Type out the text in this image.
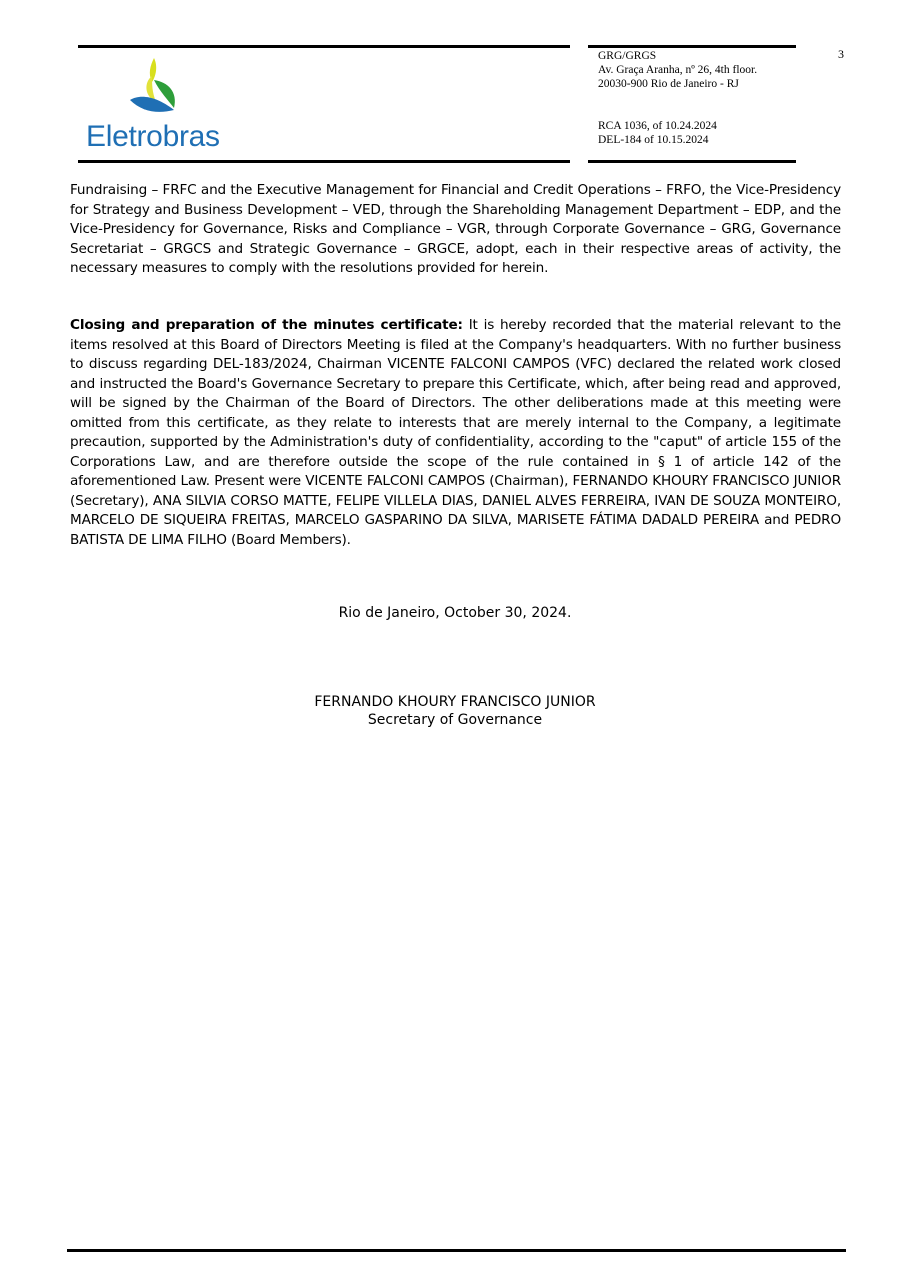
Eletrobras
GRG/GRGS
Av. Graça Aranha, nº 26, 4th floor.
20030-900 Rio de Janeiro - RJ
RCA 1036, of 10.24.2024
DEL-184 of 10.15.2024
3
Fundraising – FRFC and the Executive Management for Financial and Credit Operations – FRFO, the Vice-Presidency for Strategy and Business Development – VED, through the Shareholding Management Department – EDP, and the Vice-Presidency for Governance, Risks and Compliance – VGR, through Corporate Governance – GRG, Governance Secretariat – GRGCS and Strategic Governance – GRGCE, adopt, each in their respective areas of activity, the necessary measures to comply with the resolutions provided for herein.
Closing and preparation of the minutes certificate: It is hereby recorded that the material relevant to the items resolved at this Board of Directors Meeting is filed at the Company's headquarters. With no further business to discuss regarding DEL-183/2024, Chairman VICENTE FALCONI CAMPOS (VFC) declared the related work closed and instructed the Board's Governance Secretary to prepare this Certificate, which, after being read and approved, will be signed by the Chairman of the Board of Directors. The other deliberations made at this meeting were omitted from this certificate, as they relate to interests that are merely internal to the Company, a legitimate precaution, supported by the Administration's duty of confidentiality, according to the "caput" of article 155 of the Corporations Law, and are therefore outside the scope of the rule contained in § 1 of article 142 of the aforementioned Law. Present were VICENTE FALCONI CAMPOS (Chairman), FERNANDO KHOURY FRANCISCO JUNIOR (Secretary), ANA SILVIA CORSO MATTE, FELIPE VILLELA DIAS, DANIEL ALVES FERREIRA, IVAN DE SOUZA MONTEIRO, MARCELO DE SIQUEIRA FREITAS, MARCELO GASPARINO DA SILVA, MARISETE FÁTIMA DADALD PEREIRA and PEDRO BATISTA DE LIMA FILHO (Board Members).
Rio de Janeiro, October 30, 2024.
FERNANDO KHOURY FRANCISCO JUNIOR
Secretary of Governance
